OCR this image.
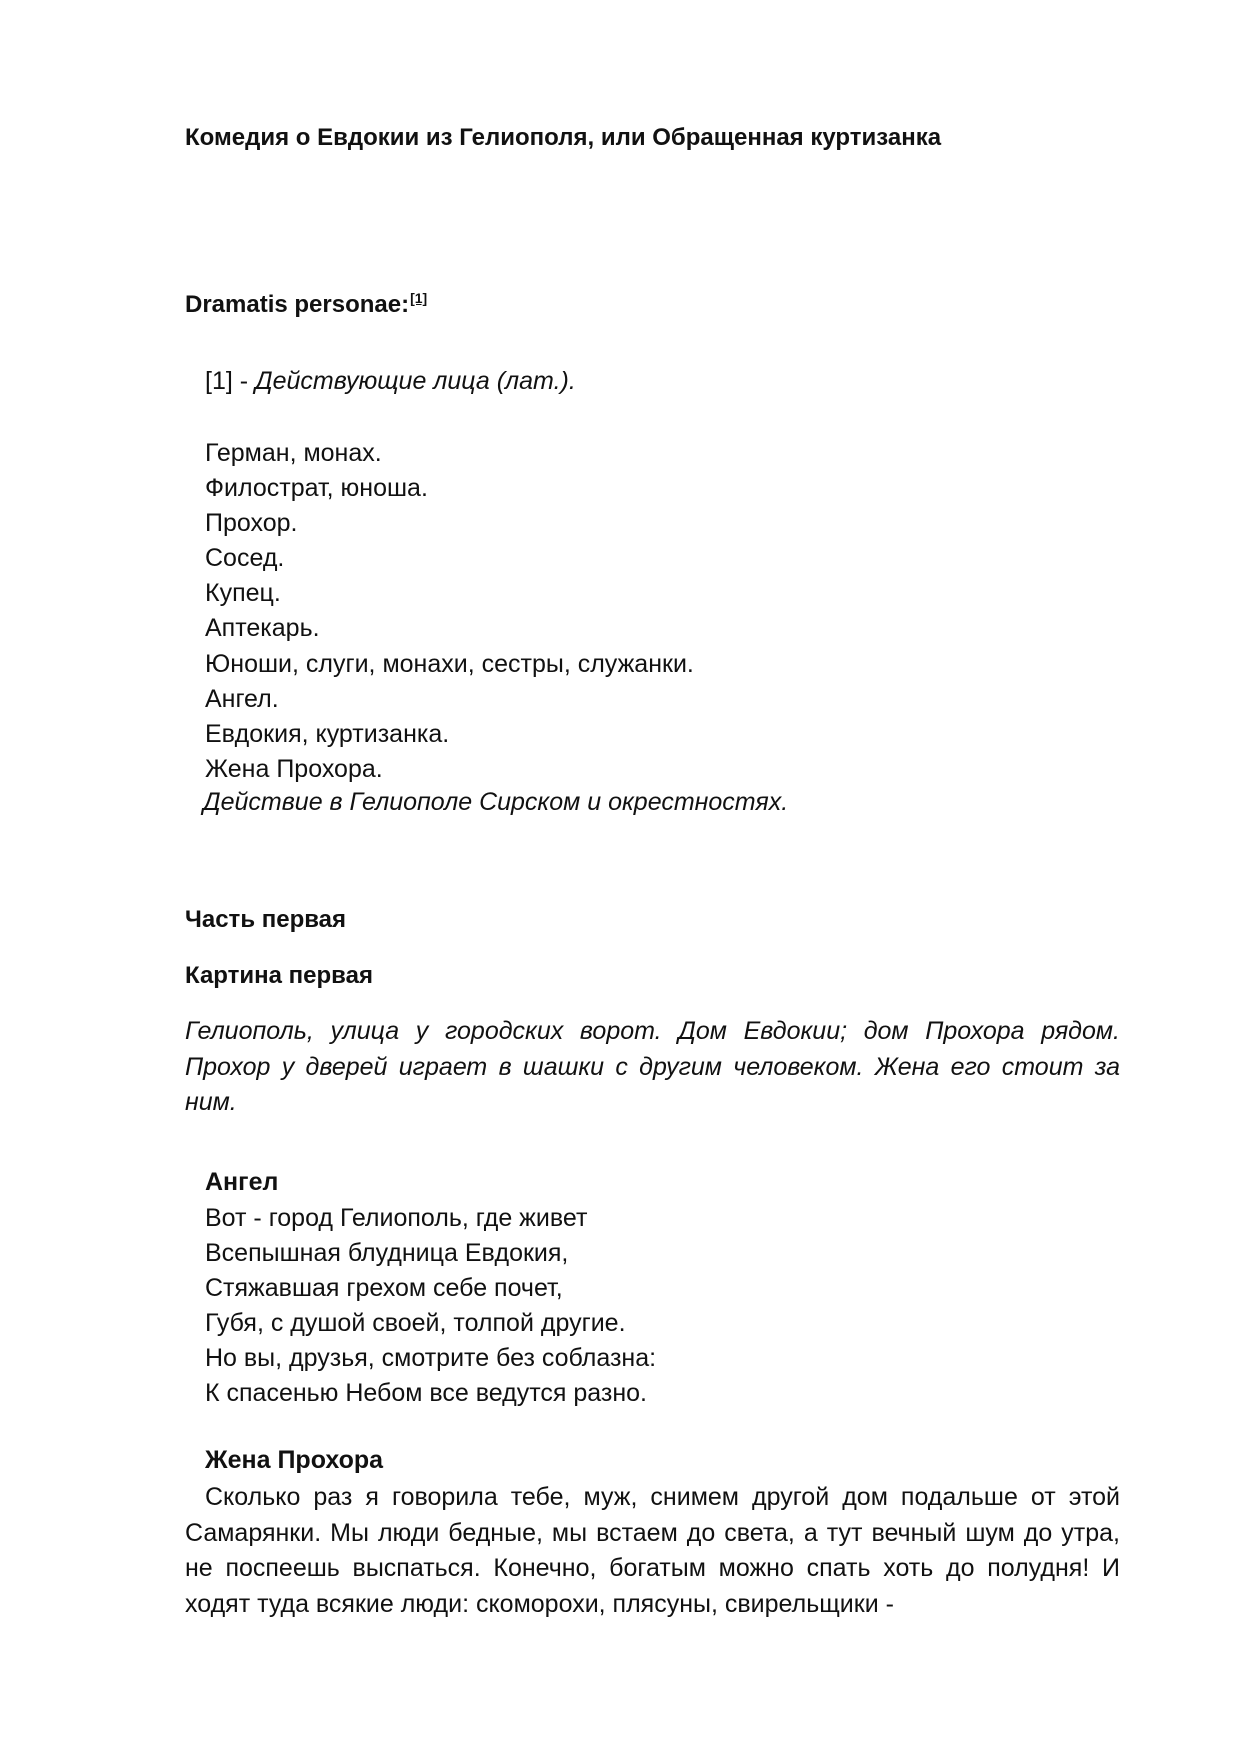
Комедия о Евдокии из Гелиополя, или Обращенная куртизанка
Dramatis personae:[1]

[1] - Действующие лица (лат.).

Герман, монах.
Филострат, юноша.
Прохор.
Сосед.
Купец.
Аптекарь.
Юноши, слуги, монахи, сестры, служанки.
Ангел.
Евдокия, куртизанка.
Жена Прохора.

Действие в Гелиополе Сирском и окрестностях.

Часть первая
Картина первая

Гелиополь, улица у городских ворот. Дом Евдокии; дом Прохора рядом. Прохор у дверей играет в шашки с другим человеком. Жена его стоит за ним.

Ангел

Вот - город Гелиополь, где живет
Всепышная блудница Евдокия,
Стяжавшая грехом себе почет,
Губя, с душой своей, толпой другие.
Но вы, друзья, смотрите без соблазна:
К спасенью Небом все ведутся разно.

Жена Прохора

Сколько раз я говорила тебе, муж, снимем другой дом подальше от этой Самарянки. Мы люди бедные, мы встаем до света, а тут вечный шум до утра, не поспеешь выспаться. Конечно, богатым можно спать хоть до полудня! И ходят туда всякие люди: скоморохи, плясуны, свирельщики -
